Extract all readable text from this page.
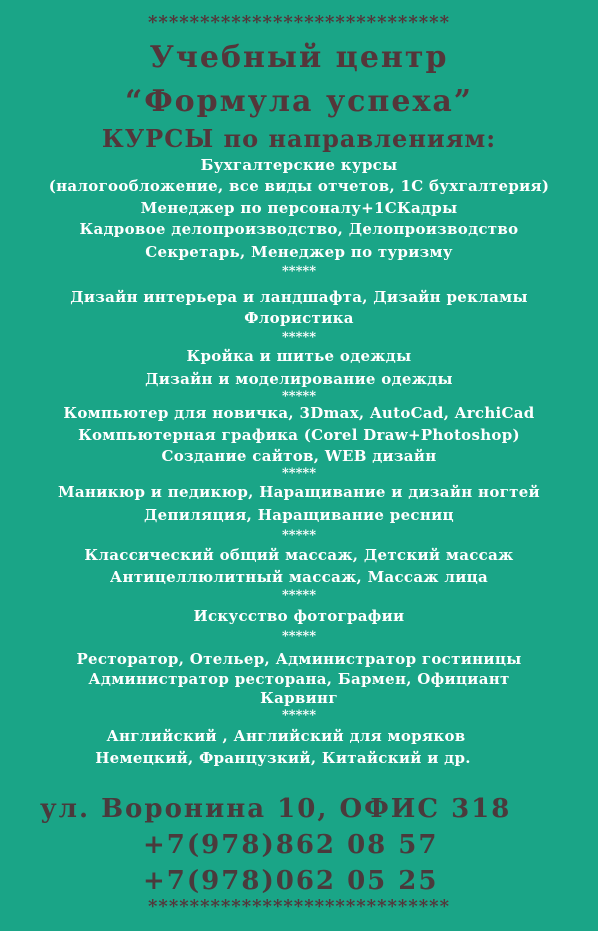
*****************************
Учебный центр
“Формула успеха”
КУРСЫ по направлениям:
Бухгалтерские курсы
(налогообложение, все виды отчетов, 1С бухгалтерия)
Менеджер по персоналу+1СКадры
Кадровое делопроизводство, Делопроизводство
Секретарь, Менеджер по туризму
*****
Дизайн интерьера и ландшафта, Дизайн рекламы
Флористика
*****
Кройка и шитье одежды
Дизайн и моделирование одежды
*****
Компьютер для новичка, 3Dmax, AutoCad, ArchiCad
Компьютерная графика (Corel Draw+Photoshop)
Создание сайтов, WEB дизайн
*****
Маникюр и педикюр, Наращивание и дизайн ногтей
Депиляция, Наращивание ресниц
*****
Классический общий массаж, Детский массаж
Антицеллюлитный массаж, Массаж лица
*****
Искусство фотографии
*****
Ресторатор, Отельер, Администратор гостиницы
Администратор ресторана, Бармен, Официант
Карвинг
*****
Английский , Английский для моряков
Немецкий, Французкий, Китайский и др.
ул. Воронина 10, ОФИС 318
+7(978)862 08 57
+7(978)062 05 25
*****************************
